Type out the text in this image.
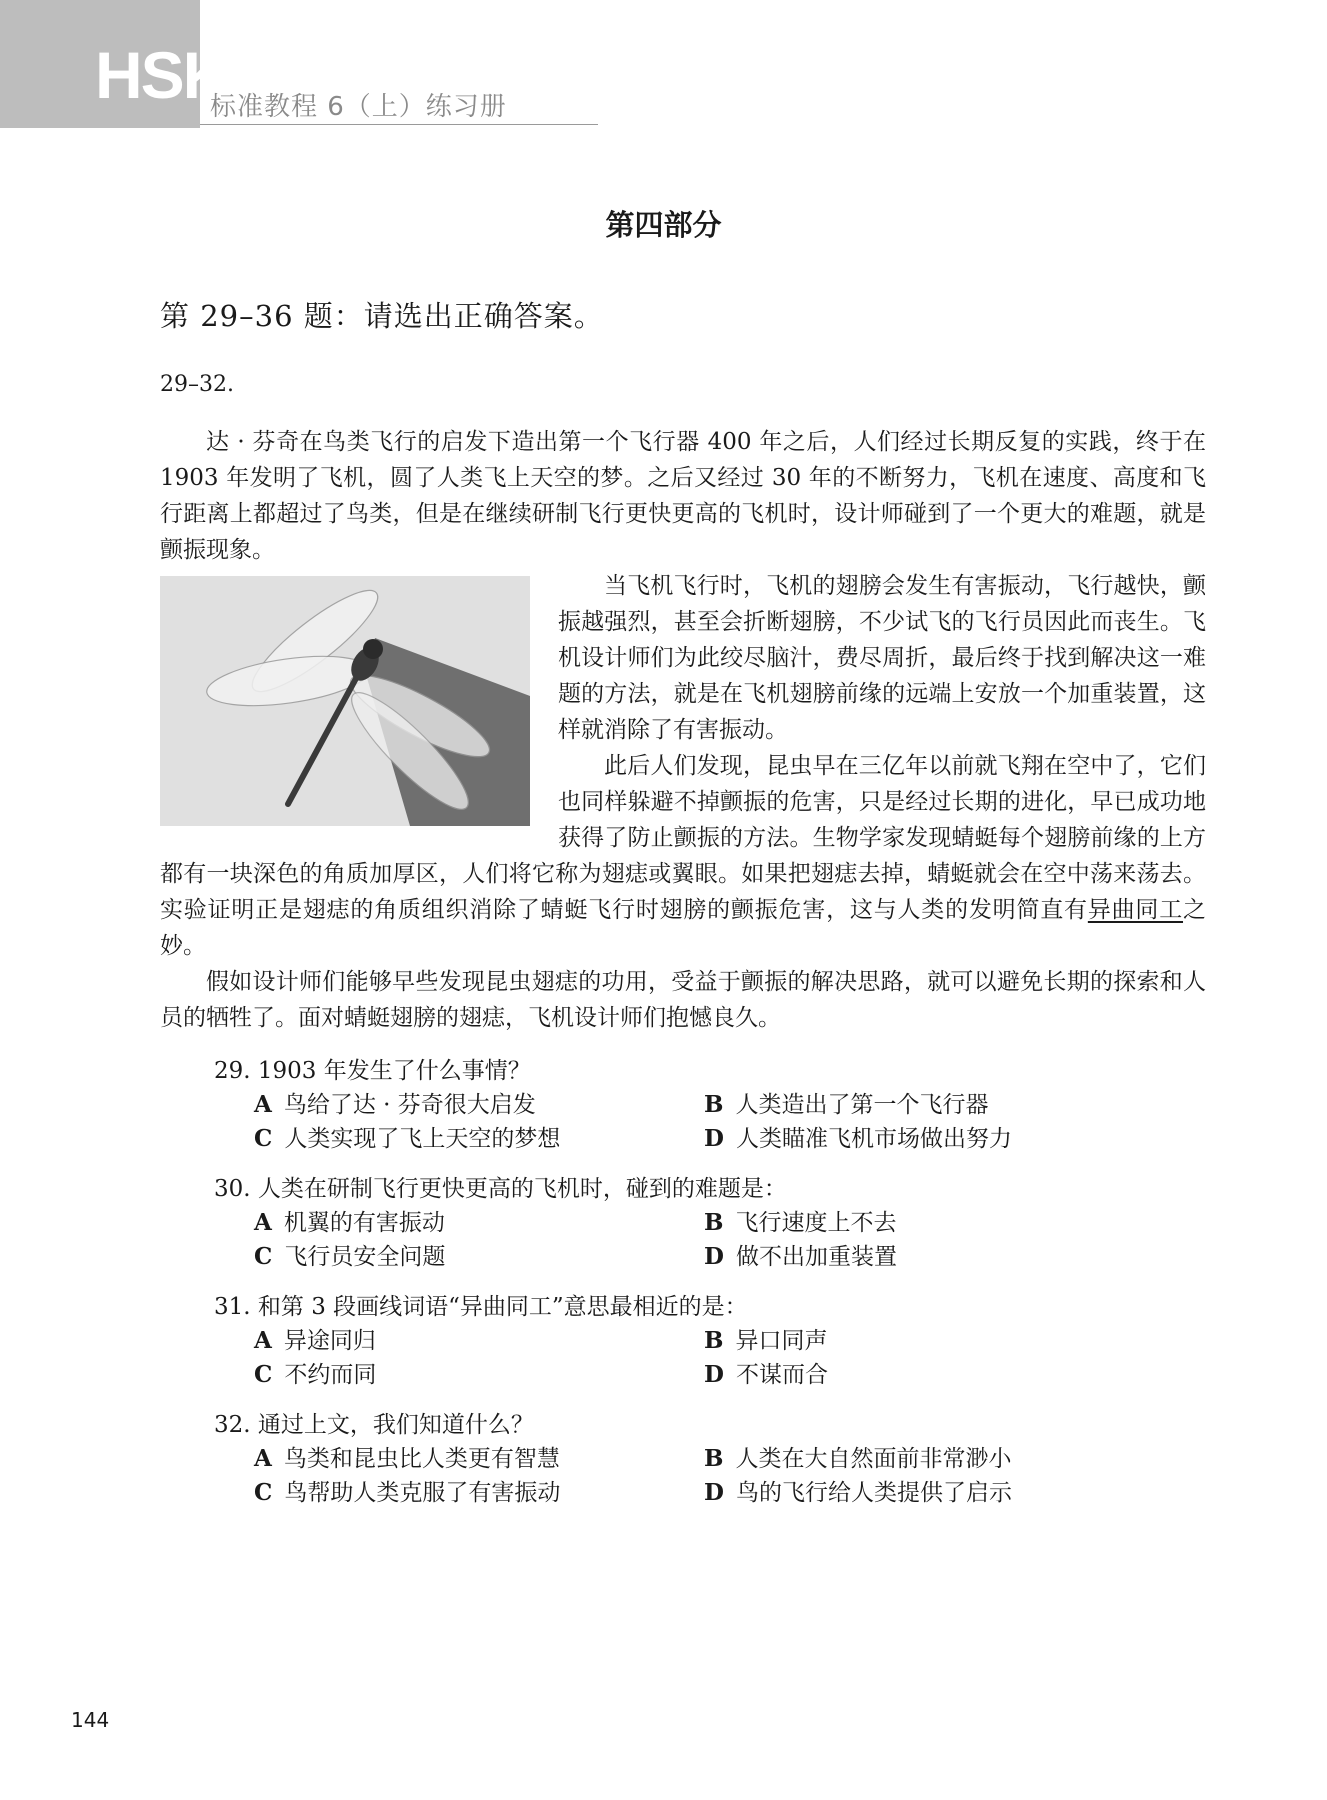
HSK
标准教程 6（上）练习册
第四部分
第 29–36 题：请选出正确答案。
29–32.

达 · 芬奇在鸟类飞行的启发下造出第一个飞行器 400 年之后，人们经过长期反复的实践，终于在 1903 年发明了飞机，圆了人类飞上天空的梦。之后又经过 30 年的不断努力，飞机在速度、高度和飞行距离上都超过了鸟类，但是在继续研制飞行更快更高的飞机时，设计师碰到了一个更大的难题，就是颤振现象。

当飞机飞行时，飞机的翅膀会发生有害振动，飞行越快，颤振越强烈，甚至会折断翅膀，不少试飞的飞行员因此而丧生。飞机设计师们为此绞尽脑汁，费尽周折，最后终于找到解决这一难题的方法，就是在飞机翅膀前缘的远端上安放一个加重装置，这样就消除了有害振动。

此后人们发现，昆虫早在三亿年以前就飞翔在空中了，它们也同样躲避不掉颤振的危害，只是经过长期的进化，早已成功地获得了防止颤振的方法。生物学家发现蜻蜓每个翅膀前缘的上方都有一块深色的角质加厚区，人们将它称为翅痣或翼眼。如果把翅痣去掉，蜻蜓就会在空中荡来荡去。实验证明正是翅痣的角质组织消除了蜻蜓飞行时翅膀的颤振危害，这与人类的发明简直有异曲同工之妙。

假如设计师们能够早些发现昆虫翅痣的功用，受益于颤振的解决思路，就可以避免长期的探索和人员的牺牲了。面对蜻蜓翅膀的翅痣，飞机设计师们抱憾良久。

29. 1903 年发生了什么事情？
A 鸟给了达 · 芬奇很大启发	B 人类造出了第一个飞行器
C 人类实现了飞上天空的梦想	D 人类瞄准飞机市场做出努力
30. 人类在研制飞行更快更高的飞机时，碰到的难题是：
A 机翼的有害振动	B 飞行速度上不去
C 飞行员安全问题	D 做不出加重装置
31. 和第 3 段画线词语“异曲同工”意思最相近的是：
A 异途同归	B 异口同声
C 不约而同	D 不谋而合
32. 通过上文，我们知道什么？
A 鸟类和昆虫比人类更有智慧	B 人类在大自然面前非常渺小
C 鸟帮助人类克服了有害振动	D 鸟的飞行给人类提供了启示
144
